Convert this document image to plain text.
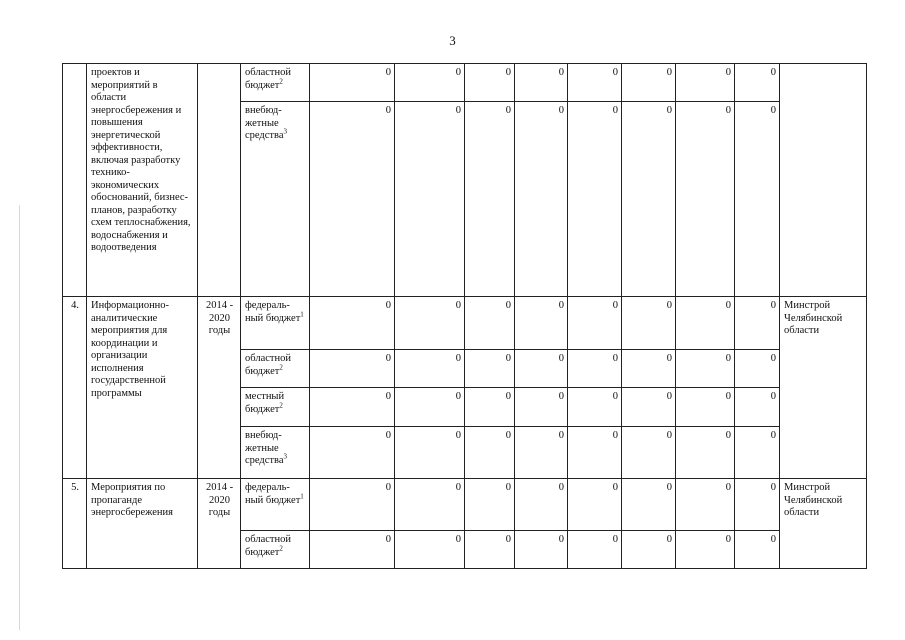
3
	проектов и мероприятий в области энергосбережения и повышения энергетической эффективности, включая разработку технико-экономических обоснований, бизнес-планов, разработку схем теплоснабжения, водоснабжения и водоотведения		областной бюджет$^2$	0	0	0	0	0	0	0	0	
			внебюд-жетные средства$^3$	0	0	0	0	0	0	0	0	
4.	Информационно-аналитические мероприятия для координации и организации исполнения государственной программы	2014 - 2020 годы	федераль-ный бюджет$^1$	0	0	0	0	0	0	0	0	Минстрой Челябинской области
			областной бюджет$^2$	0	0	0	0	0	0	0	0	
			местный бюджет$^2$	0	0	0	0	0	0	0	0	
			внебюд-жетные средства$^3$	0	0	0	0	0	0	0	0	
5.	Мероприятия по пропаганде энергосбережения	2014 - 2020 годы	федераль-ный бюджет$^1$	0	0	0	0	0	0	0	0	Минстрой Челябинской области
			областной бюджет$^2$	0	0	0	0	0	0	0	0	
